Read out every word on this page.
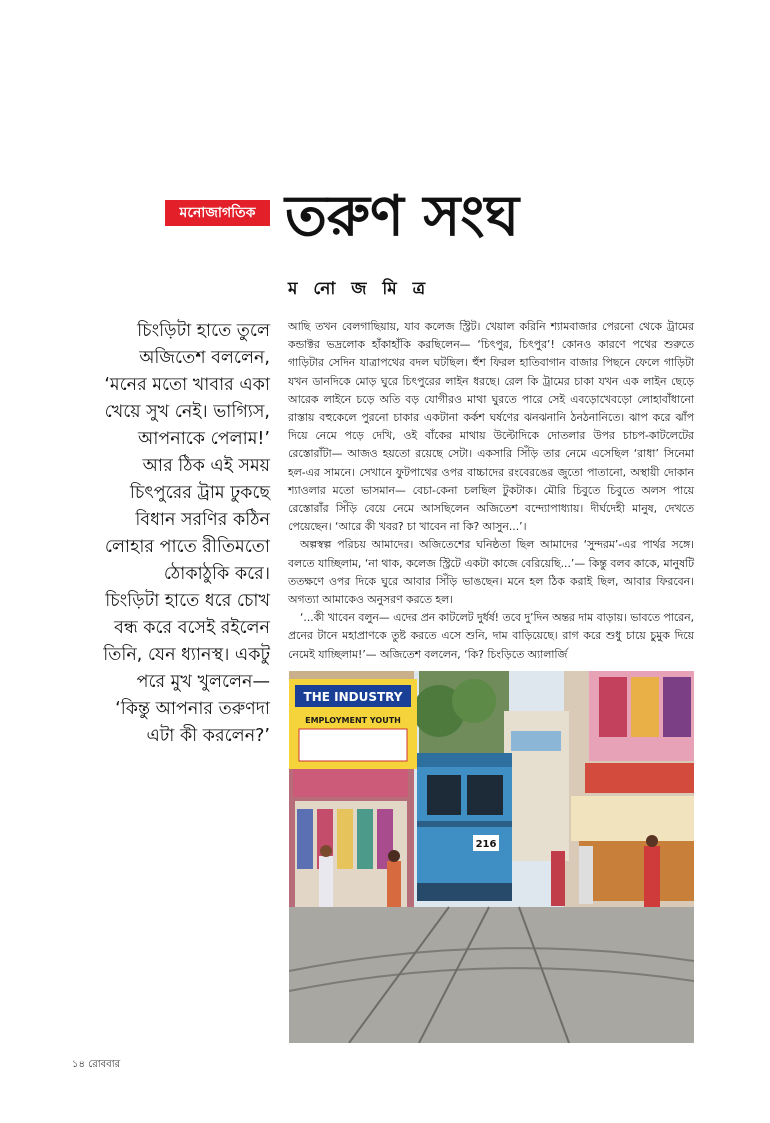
মনোজাগতিক তরুণ সংঘ
ম নো জ মি ত্র
চিংড়িটা হাতে তুলে
অজিতেশ বললেন,
‘মনের মতো খাবার একা
খেয়ে সুখ নেই। ভাগ্যিস,
আপনাকে পেলাম!’
আর ঠিক এই সময়
চিৎপুরের ট্রাম ঢুকছে
বিধান সরণির কঠিন
লোহার পাতে রীতিমতো
ঠোকাঠুকি করে।
চিংড়িটা হাতে ধরে চোখ
বন্ধ করে বসেই রইলেন
তিনি, যেন ধ্যানস্থ। একটু
পরে মুখ খুললেন—
‘কিন্তু আপনার তরুণদা
এটা কী করলেন?’

আছি তখন বেলগাছিয়ায়, যাব কলেজ স্ট্রিট। খেয়াল করিনি শ্যামবাজার পেরনো থেকে ট্রামের কন্ডাক্টর ভদ্রলোক হাঁকাহাঁকি করছিলেন— ‘চিৎপুর, চিৎপুর’! কোনও কারণে পথের শুরুতে গাড়িটার সেদিন যাত্রাপথের বদল ঘটছিল। হুঁশ ফিরল হাতিবাগান বাজার পিছনে ফেলে গাড়িটা যখন ডানদিকে মোড় ঘুরে চিৎপুরের লাইন ধরছে। রেল কি ট্রামের চাকা যখন এক লাইন ছেড়ে আরেক লাইনে চড়ে অতি বড় যোগীরও মাথা ঘুরতে পারে সেই এবড়োখেবড়ো লোহাবাঁধানো রাস্তায় বহুকেলে পুরনো চাকার একটানা কর্কশ ঘর্ষণের ঝনঝনানি ঠনঠনানিতে। ঝাপ করে ঝাঁপ দিয়ে নেমে পড়ে দেখি, ওই বাঁকের মাথায় উল্টোদিকে দোতলার উপর চাচপ-কাটলেটের রেস্তোরাঁটা— আজও হয়তো রয়েছে সেটা। একসারি সিঁড়ি তার নেমে এসেছিল ‘রাধা’ সিনেমা হল-এর সামনে। সেখানে ফুটপাথের ওপর বাচ্চাদের রংবেরঙের জুতো পাতানো, অস্থায়ী দোকান শ্যাওলার মতো ভাসমান— বেচা-কেনা চলছিল টুকটাক। মৌরি চিবুতে চিবুতে অলস পায়ে রেস্তোরাঁর সিঁড়ি বেয়ে নেমে আসছিলেন অজিতেশ বন্দ্যোপাধ্যায়। দীর্ঘদেহী মানুষ, দেখতে পেয়েছেন। ‘আরে কী খবর? চা খাবেন না কি? আসুন...’।

অল্পস্বল্প পরিচয় আমাদের। অজিতেশের ঘনিষ্ঠতা ছিল আমাদের ‘সুন্দরম’-এর পার্থর সঙ্গে। বলতে যাচ্ছিলাম, ‘না থাক, কলেজ স্ট্রিটে একটা কাজে বেরিয়েছি...’— কিন্তু বলব কাকে, মানুষটি ততক্ষণে ওপর দিকে ঘুরে আবার সিঁড়ি ভাঙছেন। মনে হল ঠিক করাই ছিল, আবার ফিরবেন। অগত্যা আমাকেও অনুসরণ করতে হল।

‘...কী খাবেন বলুন— এদের প্রন কাটলেট দুর্ধর্ষ! তবে দু’দিন অন্তর দাম বাড়ায়। ভাবতে পারেন, প্রনের টানে মহাপ্রাণকে তুষ্ট করতে এসে শুনি, দাম বাড়িয়েছে। রাগ করে শুধু চায়ে চুমুক দিয়ে নেমেই যাচ্ছিলাম!’— অজিতেশ বললেন, ‘কি? চিংড়িতে অ্যালার্জি

THE INDUSTRY
EMPLOYMENT YOUTH
216
১৪ রোববার
